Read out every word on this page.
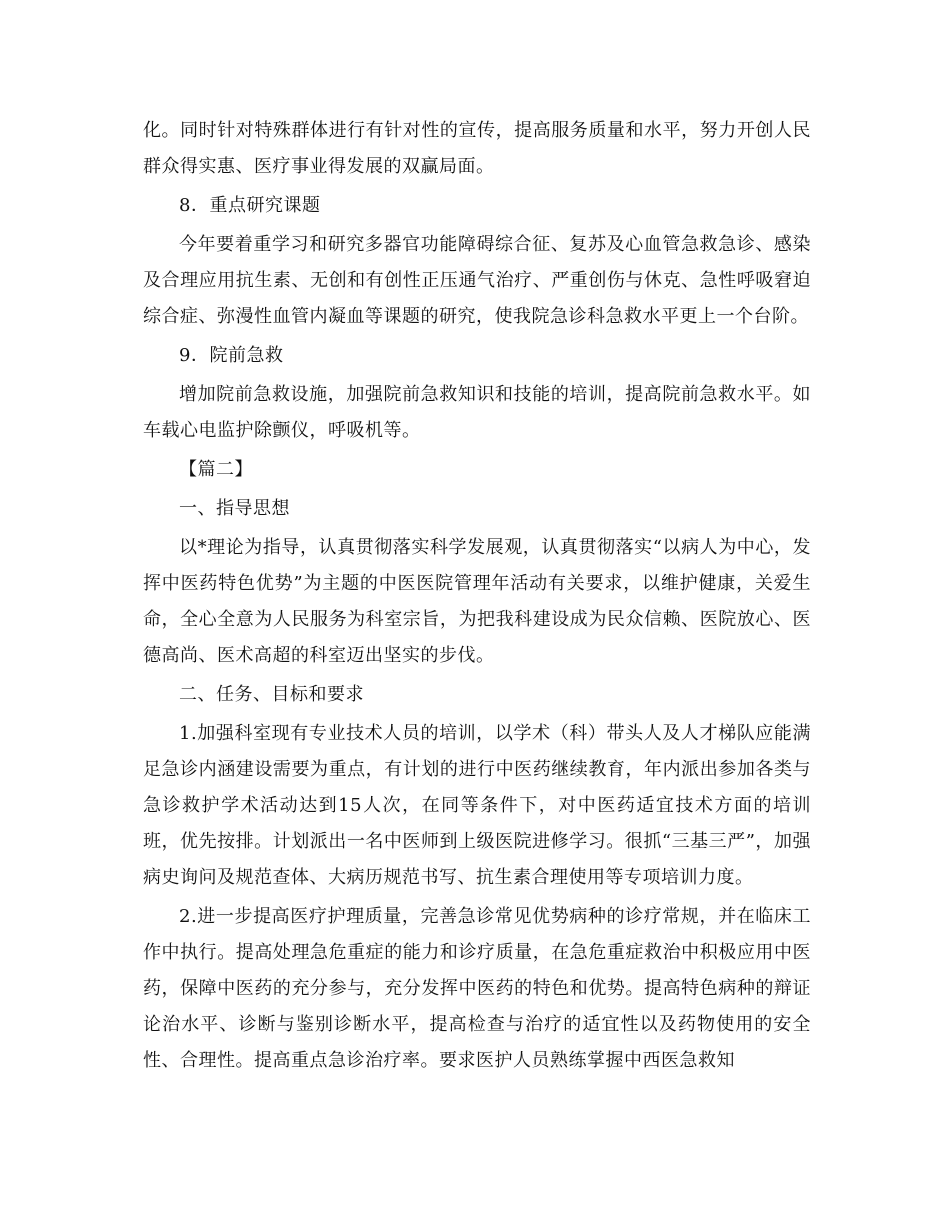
化。同时针对特殊群体进行有针对性的宣传，提高服务质量和水平，努力开创人民群众得实惠、医疗事业得发展的双赢局面。

8．重点研究课题

今年要着重学习和研究多器官功能障碍综合征、复苏及心血管急救急诊、感染及合理应用抗生素、无创和有创性正压通气治疗、严重创伤与休克、急性呼吸窘迫综合症、弥漫性血管内凝血等课题的研究，使我院急诊科急救水平更上一个台阶。

9．院前急救

增加院前急救设施，加强院前急救知识和技能的培训，提高院前急救水平。如车载心电监护除颤仪，呼吸机等。

【篇二】

一、指导思想

以*理论为指导，认真贯彻落实科学发展观，认真贯彻落实“以病人为中心，发挥中医药特色优势”为主题的中医医院管理年活动有关要求，以维护健康，关爱生命，全心全意为人民服务为科室宗旨，为把我科建设成为民众信赖、医院放心、医德高尚、医术高超的科室迈出坚实的步伐。

二、任务、目标和要求

1.加强科室现有专业技术人员的培训，以学术（科）带头人及人才梯队应能满足急诊内涵建设需要为重点，有计划的进行中医药继续教育，年内派出参加各类与急诊救护学术活动达到15人次，在同等条件下，对中医药适宜技术方面的培训班，优先按排。计划派出一名中医师到上级医院进修学习。很抓“三基三严”，加强病史询问及规范查体、大病历规范书写、抗生素合理使用等专项培训力度。

2.进一步提高医疗护理质量，完善急诊常见优势病种的诊疗常规，并在临床工作中执行。提高处理急危重症的能力和诊疗质量，在急危重症救治中积极应用中医药，保障中医药的充分参与，充分发挥中医药的特色和优势。提高特色病种的辩证论治水平、诊断与鉴别诊断水平，提高检查与治疗的适宜性以及药物使用的安全性、合理性。提高重点急诊治疗率。要求医护人员熟练掌握中西医急救知
